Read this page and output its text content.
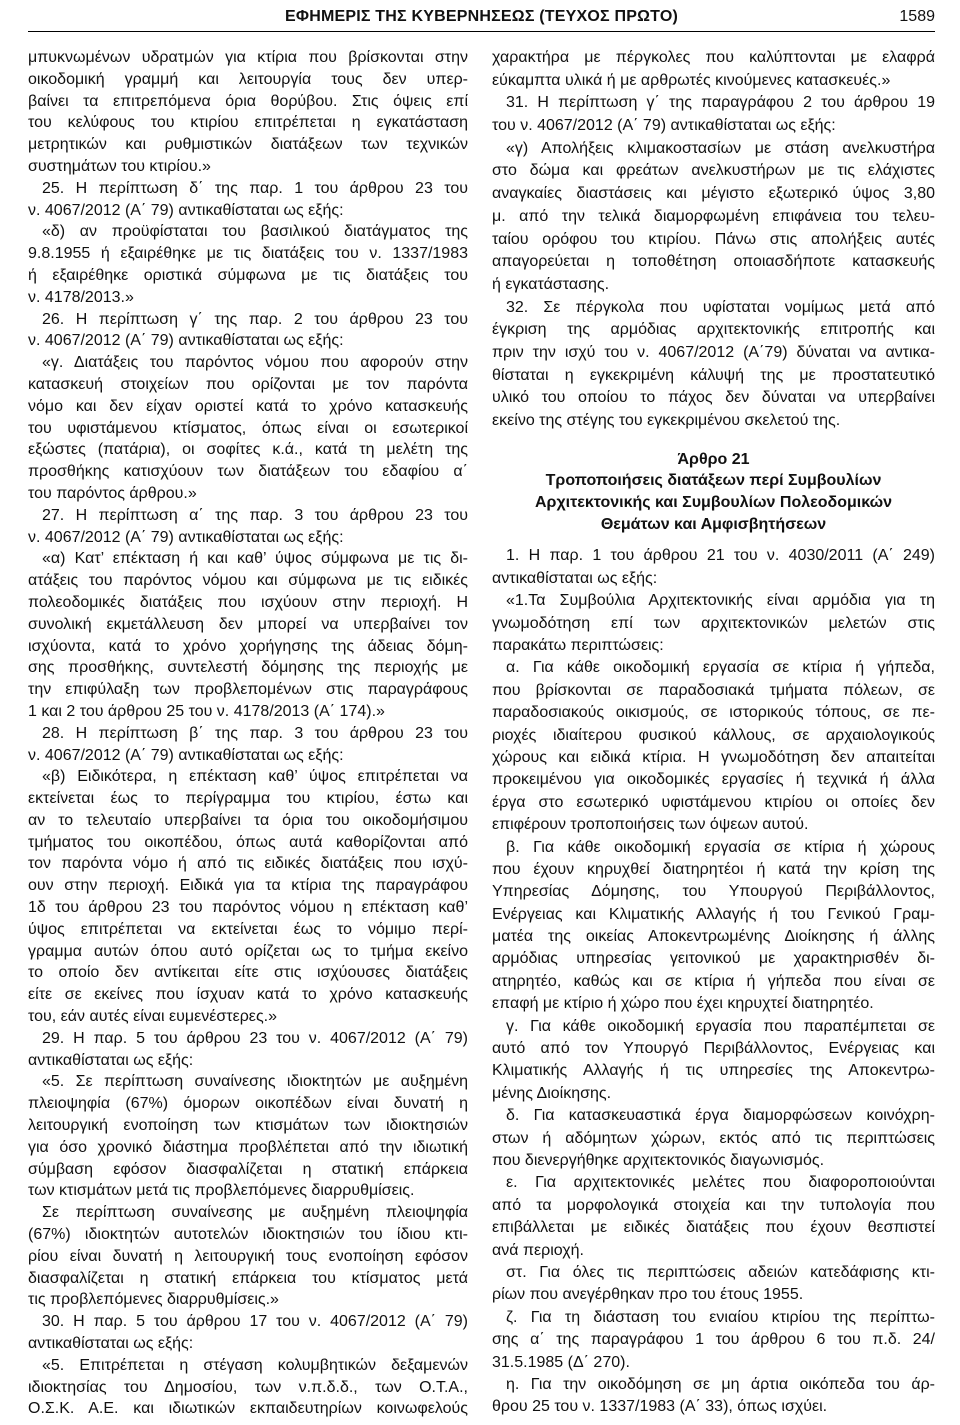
ΕΦΗΜΕΡΙΣ ΤΗΣ ΚΥΒΕΡΝΗΣΕΩΣ (ΤΕΥΧΟΣ ΠΡΩΤΟ)	1589
μπυκνωμένων υδρατμών για κτίρια που βρίσκονται στην
οικοδομική γραμμή και λειτουργία τους δεν υπερ-
βαίνει τα επιτρεπόμενα όρια θορύβου. Στις όψεις επί
του κελύφους του κτιρίου επιτρέπεται η εγκατάσταση
μετρητικών και ρυθμιστικών διατάξεων των τεχνικών
συστημάτων του κτιρίου.»
25. Η περίπτωση δ΄ της παρ. 1 του άρθρου 23 του
ν. 4067/2012 (Α΄ 79) αντικαθίσταται ως εξής:
«δ) αν προϋφίσταται του βασιλικού διατάγματος της
9.8.1955 ή εξαιρέθηκε με τις διατάξεις του ν. 1337/1983
ή εξαιρέθηκε οριστικά σύμφωνα με τις διατάξεις του
ν. 4178/2013.»
26. Η περίπτωση γ΄ της παρ. 2 του άρθρου 23 του
ν. 4067/2012 (Α΄ 79) αντικαθίσταται ως εξής:
«γ. Διατάξεις του παρόντος νόμου που αφορούν στην
κατασκευή στοιχείων που ορίζονται με τον παρόντα
νόμο και δεν είχαν οριστεί κατά το χρόνο κατασκευής
του υφιστάμενου κτίσματος, όπως είναι οι εσωτερικοί
εξώστες (πατάρια), οι σοφίτες κ.ά., κατά τη μελέτη της
προσθήκης κατισχύουν των διατάξεων του εδαφίου α΄
του παρόντος άρθρου.»
27. Η περίπτωση α΄ της παρ. 3 του άρθρου 23 του
ν. 4067/2012 (Α΄ 79) αντικαθίσταται ως εξής:
«α) Κατ’ επέκταση ή και καθ’ ύψος σύμφωνα με τις δι-
ατάξεις του παρόντος νόμου και σύμφωνα με τις ειδικές
πολεοδομικές διατάξεις που ισχύουν στην περιοχή. Η
συνολική εκμετάλλευση δεν μπορεί να υπερβαίνει τον
ισχύοντα, κατά το χρόνο χορήγησης της άδειας δόμη-
σης προσθήκης, συντελεστή δόμησης της περιοχής με
την επιφύλαξη των προβλεπομένων στις παραγράφους
1 και 2 του άρθρου 25 του ν. 4178/2013 (Α΄ 174).»
28. Η περίπτωση β΄ της παρ. 3 του άρθρου 23 του
ν. 4067/2012 (Α΄ 79) αντικαθίσταται ως εξής:
«β) Ειδικότερα, η επέκταση καθ’ ύψος επιτρέπεται να
εκτείνεται έως το περίγραμμα του κτιρίου, έστω και
αν το τελευταίο υπερβαίνει τα όρια του οικοδομήσιμου
τμήματος του οικοπέδου, όπως αυτά καθορίζονται από
τον παρόντα νόμο ή από τις ειδικές διατάξεις που ισχύ-
ουν στην περιοχή. Ειδικά για τα κτίρια της παραγράφου
1δ του άρθρου 23 του παρόντος νόμου η επέκταση καθ’
ύψος επιτρέπεται να εκτείνεται έως το νόμιμο περί-
γραμμα αυτών όπου αυτό ορίζεται ως το τμήμα εκείνο
το οποίο δεν αντίκειται είτε στις ισχύουσες διατάξεις
είτε σε εκείνες που ίσχυαν κατά το χρόνο κατασκευής
του, εάν αυτές είναι ευμενέστερες.»
29. Η παρ. 5 του άρθρου 23 του ν. 4067/2012 (Α΄ 79)
αντικαθίσταται ως εξής:
«5. Σε περίπτωση συναίνεσης ιδιοκτητών με αυξημένη
πλειοψηφία (67%) όμορων οικοπέδων είναι δυνατή η
λειτουργική ενοποίηση των κτισμάτων των ιδιοκτησιών
για όσο χρονικό διάστημα προβλέπεται από την ιδιωτική
σύμβαση εφόσον διασφαλίζεται η στατική επάρκεια
των κτισμάτων μετά τις προβλεπόμενες διαρρυθμίσεις.
Σε περίπτωση συναίνεσης με αυξημένη πλειοψηφία
(67%) ιδιοκτητών αυτοτελών ιδιοκτησιών του ίδιου κτι-
ρίου είναι δυνατή η λειτουργική τους ενοποίηση εφόσον
διασφαλίζεται η στατική επάρκεια του κτίσματος μετά
τις προβλεπόμενες διαρρυθμίσεις.»
30. Η παρ. 5 του άρθρου 17 του ν. 4067/2012 (Α΄ 79)
αντικαθίσταται ως εξής:
«5. Επιτρέπεται η στέγαση κολυμβητικών δεξαμενών
ιδιοκτησίας του Δημοσίου, των ν.π.δ.δ., των Ο.Τ.Α.,
Ο.Σ.Κ. Α.Ε. και ιδιωτικών εκπαιδευτηρίων κοινωφελούς
χαρακτήρα με πέργκολες που καλύπτονται με ελαφρά
εύκαμπτα υλικά ή με αρθρωτές κινούμενες κατασκευές.»
31. Η περίπτωση γ΄ της παραγράφου 2 του άρθρου 19
του ν. 4067/2012 (Α΄ 79) αντικαθίσταται ως εξής:
«γ) Απολήξεις κλιμακοστασίων με στάση ανελκυστήρα
στο δώμα και φρεάτων ανελκυστήρων με τις ελάχιστες
αναγκαίες διαστάσεις και μέγιστο εξωτερικό ύψος 3,80
μ. από την τελικά διαμορφωμένη επιφάνεια του τελευ-
ταίου ορόφου του κτιρίου. Πάνω στις απολήξεις αυτές
απαγορεύεται η τοποθέτηση οποιασδήποτε κατασκευής
ή εγκατάστασης.
32. Σε πέργκολα που υφίσταται νομίμως μετά από
έγκριση της αρμόδιας αρχιτεκτονικής επιτροπής και
πριν την ισχύ του ν. 4067/2012 (Α΄79) δύναται να αντικα-
θίσταται η εγκεκριμένη κάλυψή της με προστατευτικό
υλικό του οποίου το πάχος δεν δύναται να υπερβαίνει
εκείνο της στέγης του εγκεκριμένου σκελετού της.
Άρθρο 21
Τροποποιήσεις διατάξεων περί Συμβουλίων
Αρχιτεκτονικής και Συμβουλίων Πολεοδομικών
Θεμάτων και Αμφισβητήσεων
1. Η παρ. 1 του άρθρου 21 του ν. 4030/2011 (Α΄ 249)
αντικαθίσταται ως εξής:
«1.Τα Συμβούλια Αρχιτεκτονικής είναι αρμόδια για τη
γνωμοδότηση επί των αρχιτεκτονικών μελετών στις
παρακάτω περιπτώσεις:
α. Για κάθε οικοδομική εργασία σε κτίρια ή γήπεδα,
που βρίσκονται σε παραδοσιακά τμήματα πόλεων, σε
παραδοσιακούς οικισμούς, σε ιστορικούς τόπους, σε πε-
ριοχές ιδιαίτερου φυσικού κάλλους, σε αρχαιολογικούς
χώρους και ειδικά κτίρια. Η γνωμοδότηση δεν απαιτείται
προκειμένου για οικοδομικές εργασίες ή τεχνικά ή άλλα
έργα στο εσωτερικό υφιστάμενου κτιρίου οι οποίες δεν
επιφέρουν τροποποιήσεις των όψεων αυτού.
β. Για κάθε οικοδομική εργασία σε κτίρια ή χώρους
που έχουν κηρυχθεί διατηρητέοι ή κατά την κρίση της
Υπηρεσίας Δόμησης, του Υπουργού Περιβάλλοντος,
Ενέργειας και Κλιματικής Αλλαγής ή του Γενικού Γραμ-
ματέα της οικείας Αποκεντρωμένης Διοίκησης ή άλλης
αρμόδιας υπηρεσίας γειτονικού με χαρακτηρισθέν δι-
ατηρητέο, καθώς και σε κτίρια ή γήπεδα που είναι σε
επαφή με κτίριο ή χώρο που έχει κηρυχτεί διατηρητέο.
γ. Για κάθε οικοδομική εργασία που παραπέμπεται σε
αυτό από τον Υπουργό Περιβάλλοντος, Ενέργειας και
Κλιματικής Αλλαγής ή τις υπηρεσίες της Αποκεντρω-
μένης Διοίκησης.
δ. Για κατασκευαστικά έργα διαμορφώσεων κοινόχρη-
στων ή αδόμητων χώρων, εκτός από τις περιπτώσεις
που διενεργήθηκε αρχιτεκτονικός διαγωνισμός.
ε. Για αρχιτεκτονικές μελέτες που διαφοροποιούνται
από τα μορφολογικά στοιχεία και την τυπολογία που
επιβάλλεται με ειδικές διατάξεις που έχουν θεσπιστεί
ανά περιοχή.
στ. Για όλες τις περιπτώσεις αδειών κατεδάφισης κτι-
ρίων που ανεγέρθηκαν προ του έτους 1955.
ζ. Για τη διάσταση του ενιαίου κτιρίου της περίπτω-
σης α΄ της παραγράφου 1 του άρθρου 6 του π.δ. 24/
31.5.1985 (Δ΄ 270).
η. Για την οικοδόμηση σε μη άρτια οικόπεδα του άρ-
θρου 25 του ν. 1337/1983 (Α΄ 33), όπως ισχύει.
